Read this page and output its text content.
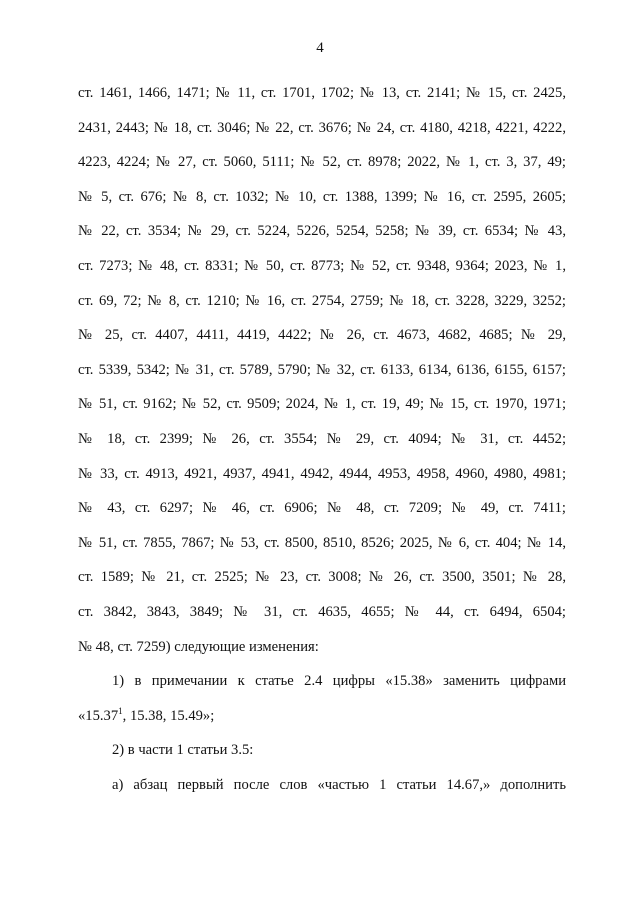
4
ст. 1461, 1466, 1471; № 11, ст. 1701, 1702; № 13, ст. 2141; № 15, ст. 2425,
2431, 2443; № 18, ст. 3046; № 22, ст. 3676; № 24, ст. 4180, 4218, 4221, 4222,
4223, 4224; № 27, ст. 5060, 5111; № 52, ст. 8978; 2022, № 1, ст. 3, 37, 49;
№ 5, ст. 676; № 8, ст. 1032; № 10, ст. 1388, 1399; № 16, ст. 2595, 2605;
№ 22, ст. 3534; № 29, ст. 5224, 5226, 5254, 5258; № 39, ст. 6534; № 43,
ст. 7273; № 48, ст. 8331; № 50, ст. 8773; № 52, ст. 9348, 9364; 2023, № 1,
ст. 69, 72; № 8, ст. 1210; № 16, ст. 2754, 2759; № 18, ст. 3228, 3229, 3252;
№ 25, ст. 4407, 4411, 4419, 4422; № 26, ст. 4673, 4682, 4685; № 29,
ст. 5339, 5342; № 31, ст. 5789, 5790; № 32, ст. 6133, 6134, 6136, 6155, 6157;
№ 51, ст. 9162; № 52, ст. 9509; 2024, № 1, ст. 19, 49; № 15, ст. 1970, 1971;
№ 18, ст. 2399; № 26, ст. 3554; № 29, ст. 4094; № 31, ст. 4452;
№ 33, ст. 4913, 4921, 4937, 4941, 4942, 4944, 4953, 4958, 4960, 4980, 4981;
№ 43, ст. 6297; № 46, ст. 6906; № 48, ст. 7209; № 49, ст. 7411;
№ 51, ст. 7855, 7867; № 53, ст. 8500, 8510, 8526; 2025, № 6, ст. 404; № 14,
ст. 1589; № 21, ст. 2525; № 23, ст. 3008; № 26, ст. 3500, 3501; № 28,
ст. 3842, 3843, 3849; № 31, ст. 4635, 4655; № 44, ст. 6494, 6504;
№ 48, ст. 7259) следующие изменения:
1) в примечании к статье 2.4 цифры «15.38» заменить цифрами
«15.37$^1$, 15.38, 15.49»;
2) в части 1 статьи 3.5:
а) абзац первый после слов «частью 1 статьи 14.67,» дополнить
